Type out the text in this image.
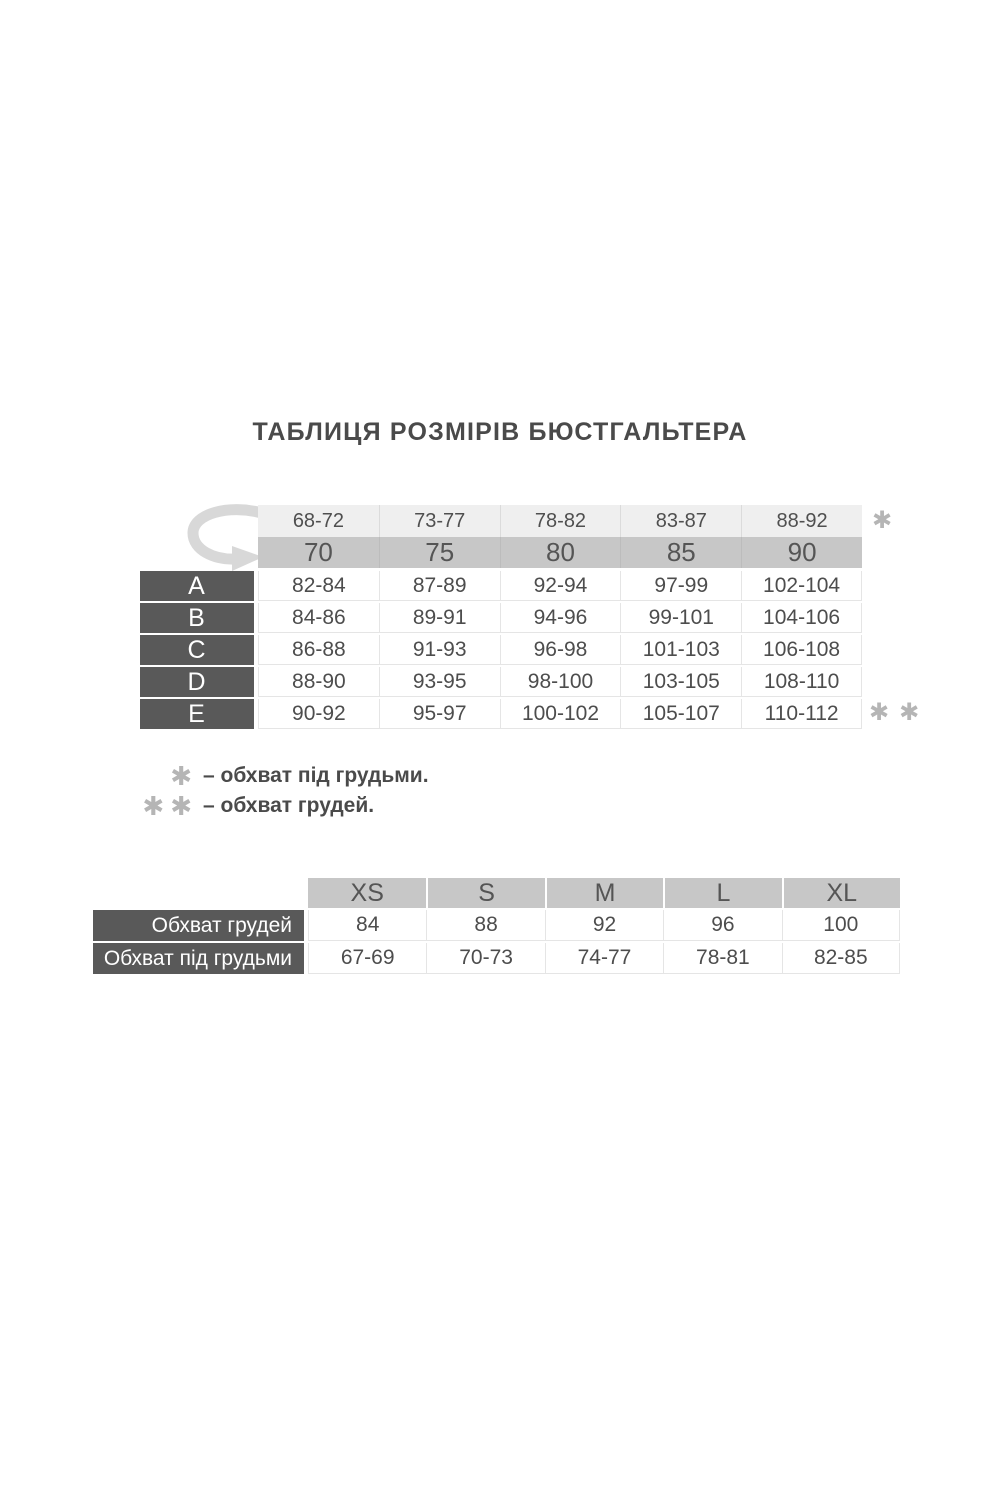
ТАБЛИЦЯ РОЗМІРІВ БЮСТГАЛЬТЕРА
68-72	73-77	78-82	83-87	88-92
70	75	80	85	90
A	82-84	87-89	92-94	97-99	102-104
B	84-86	89-91	94-96	99-101	104-106
C	86-88	91-93	96-98	101-103	106-108
D	88-90	93-95	98-100	103-105	108-110
E	90-92	95-97	100-102	105-107	110-112
✱
✱ ✱
✱ – обхват під грудьми.
✱ ✱ – обхват грудей.
XS	S	M	L	XL
Обхват грудей	84	88	92	96	100
Обхват під грудьми	67-69	70-73	74-77	78-81	82-85
